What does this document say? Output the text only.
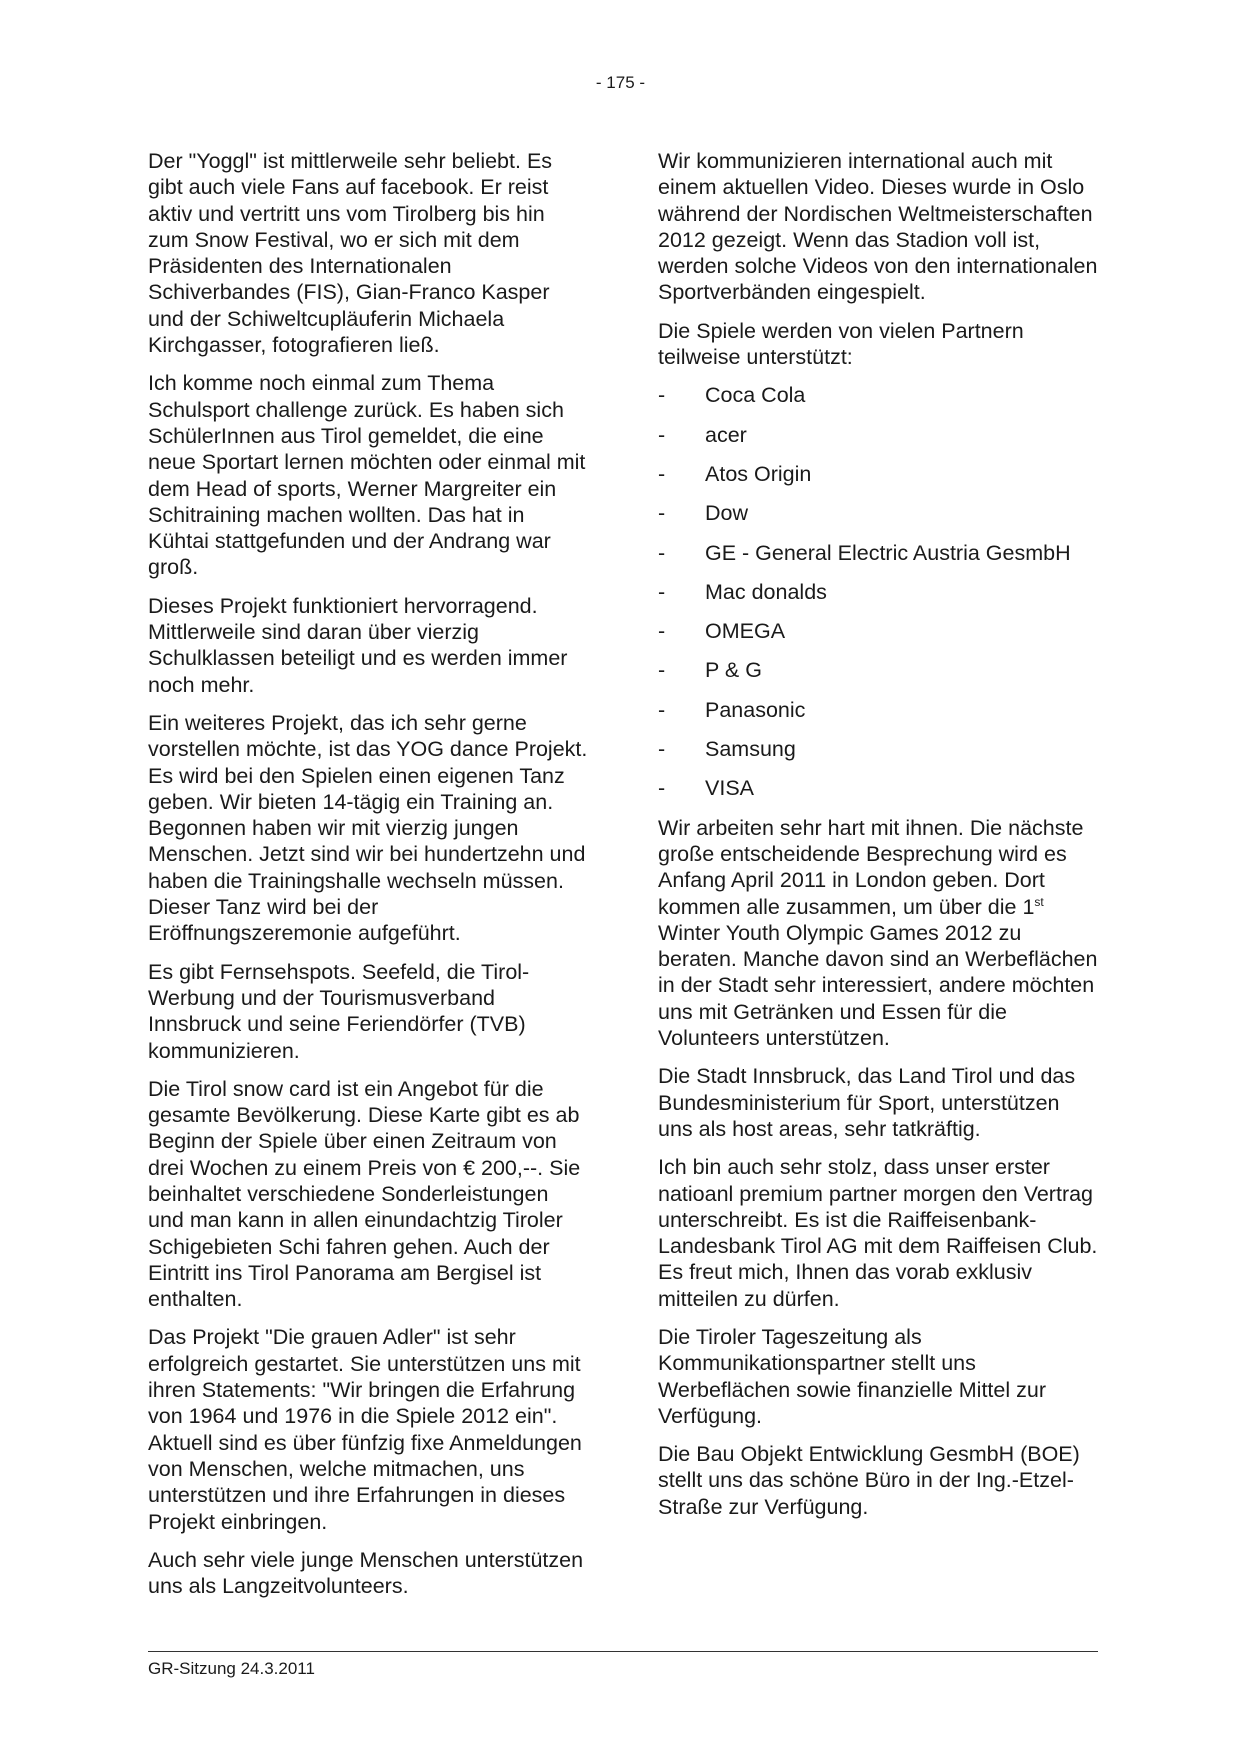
- 175 -

Der "Yoggl" ist mittlerweile sehr beliebt. Es gibt auch viele Fans auf facebook. Er reist aktiv und vertritt uns vom Tirolberg bis hin zum Snow Festival, wo er sich mit dem Präsidenten des Internationalen Schiverbandes (FIS), Gian-Franco Kasper und der Schiweltcupläuferin Michaela Kirchgasser, fotografieren ließ.

Ich komme noch einmal zum Thema Schulsport challenge zurück. Es haben sich SchülerInnen aus Tirol gemeldet, die eine neue Sportart lernen möchten oder einmal mit dem Head of sports, Werner Margreiter ein Schitraining machen wollten. Das hat in Kühtai stattgefunden und der Andrang war groß.

Dieses Projekt funktioniert hervorragend. Mittlerweile sind daran über vierzig Schulklassen beteiligt und es werden immer noch mehr.

Ein weiteres Projekt, das ich sehr gerne vorstellen möchte, ist das YOG dance Projekt. Es wird bei den Spielen einen eigenen Tanz geben. Wir bieten 14-tägig ein Training an. Begonnen haben wir mit vierzig jungen Menschen. Jetzt sind wir bei hundertzehn und haben die Trainingshalle wechseln müssen. Dieser Tanz wird bei der Eröffnungszeremonie aufgeführt.

Es gibt Fernsehspots. Seefeld, die Tirol-Werbung und der Tourismusverband Innsbruck und seine Feriendörfer (TVB) kommunizieren.

Die Tirol snow card ist ein Angebot für die gesamte Bevölkerung. Diese Karte gibt es ab Beginn der Spiele über einen Zeitraum von drei Wochen zu einem Preis von € 200,--. Sie beinhaltet verschiedene Sonderleistungen und man kann in allen einundachtzig Tiroler Schigebieten Schi fahren gehen. Auch der Eintritt ins Tirol Panorama am Bergisel ist enthalten.

Das Projekt "Die grauen Adler" ist sehr erfolgreich gestartet. Sie unterstützen uns mit ihren Statements: "Wir bringen die Erfahrung von 1964 und 1976 in die Spiele 2012 ein". Aktuell sind es über fünfzig fixe Anmeldungen von Menschen, welche mitmachen, uns unterstützen und ihre Erfahrungen in dieses Projekt einbringen.

Auch sehr viele junge Menschen unterstützen uns als Langzeitvolunteers.

Wir kommunizieren international auch mit einem aktuellen Video. Dieses wurde in Oslo während der Nordischen Weltmeisterschaften 2012 gezeigt. Wenn das Stadion voll ist, werden solche Videos von den internationalen Sportverbänden eingespielt.

Die Spiele werden von vielen Partnern teilweise unterstützt:

-	Coca Cola
-	acer
-	Atos Origin
-	Dow
-	GE - General Electric Austria GesmbH
-	Mac donalds
-	OMEGA
-	P & G
-	Panasonic
-	Samsung
-	VISA

Wir arbeiten sehr hart mit ihnen. Die nächste große entscheidende Besprechung wird es Anfang April 2011 in London geben. Dort kommen alle zusammen, um über die 1st Winter Youth Olympic Games 2012 zu beraten. Manche davon sind an Werbeflächen in der Stadt sehr interessiert, andere möchten uns mit Getränken und Essen für die Volunteers unterstützen.

Die Stadt Innsbruck, das Land Tirol und das Bundesministerium für Sport, unterstützen uns als host areas, sehr tatkräftig.

Ich bin auch sehr stolz, dass unser erster natioanl premium partner morgen den Vertrag unterschreibt. Es ist die Raiffeisenbank-Landesbank Tirol AG mit dem Raiffeisen Club. Es freut mich, Ihnen das vorab exklusiv mitteilen zu dürfen.

Die Tiroler Tageszeitung als Kommunikationspartner stellt uns Werbeflächen sowie finanzielle Mittel zur Verfügung.

Die Bau Objekt Entwicklung GesmbH (BOE) stellt uns das schöne Büro in der Ing.-Etzel-Straße zur Verfügung.

GR-Sitzung 24.3.2011
